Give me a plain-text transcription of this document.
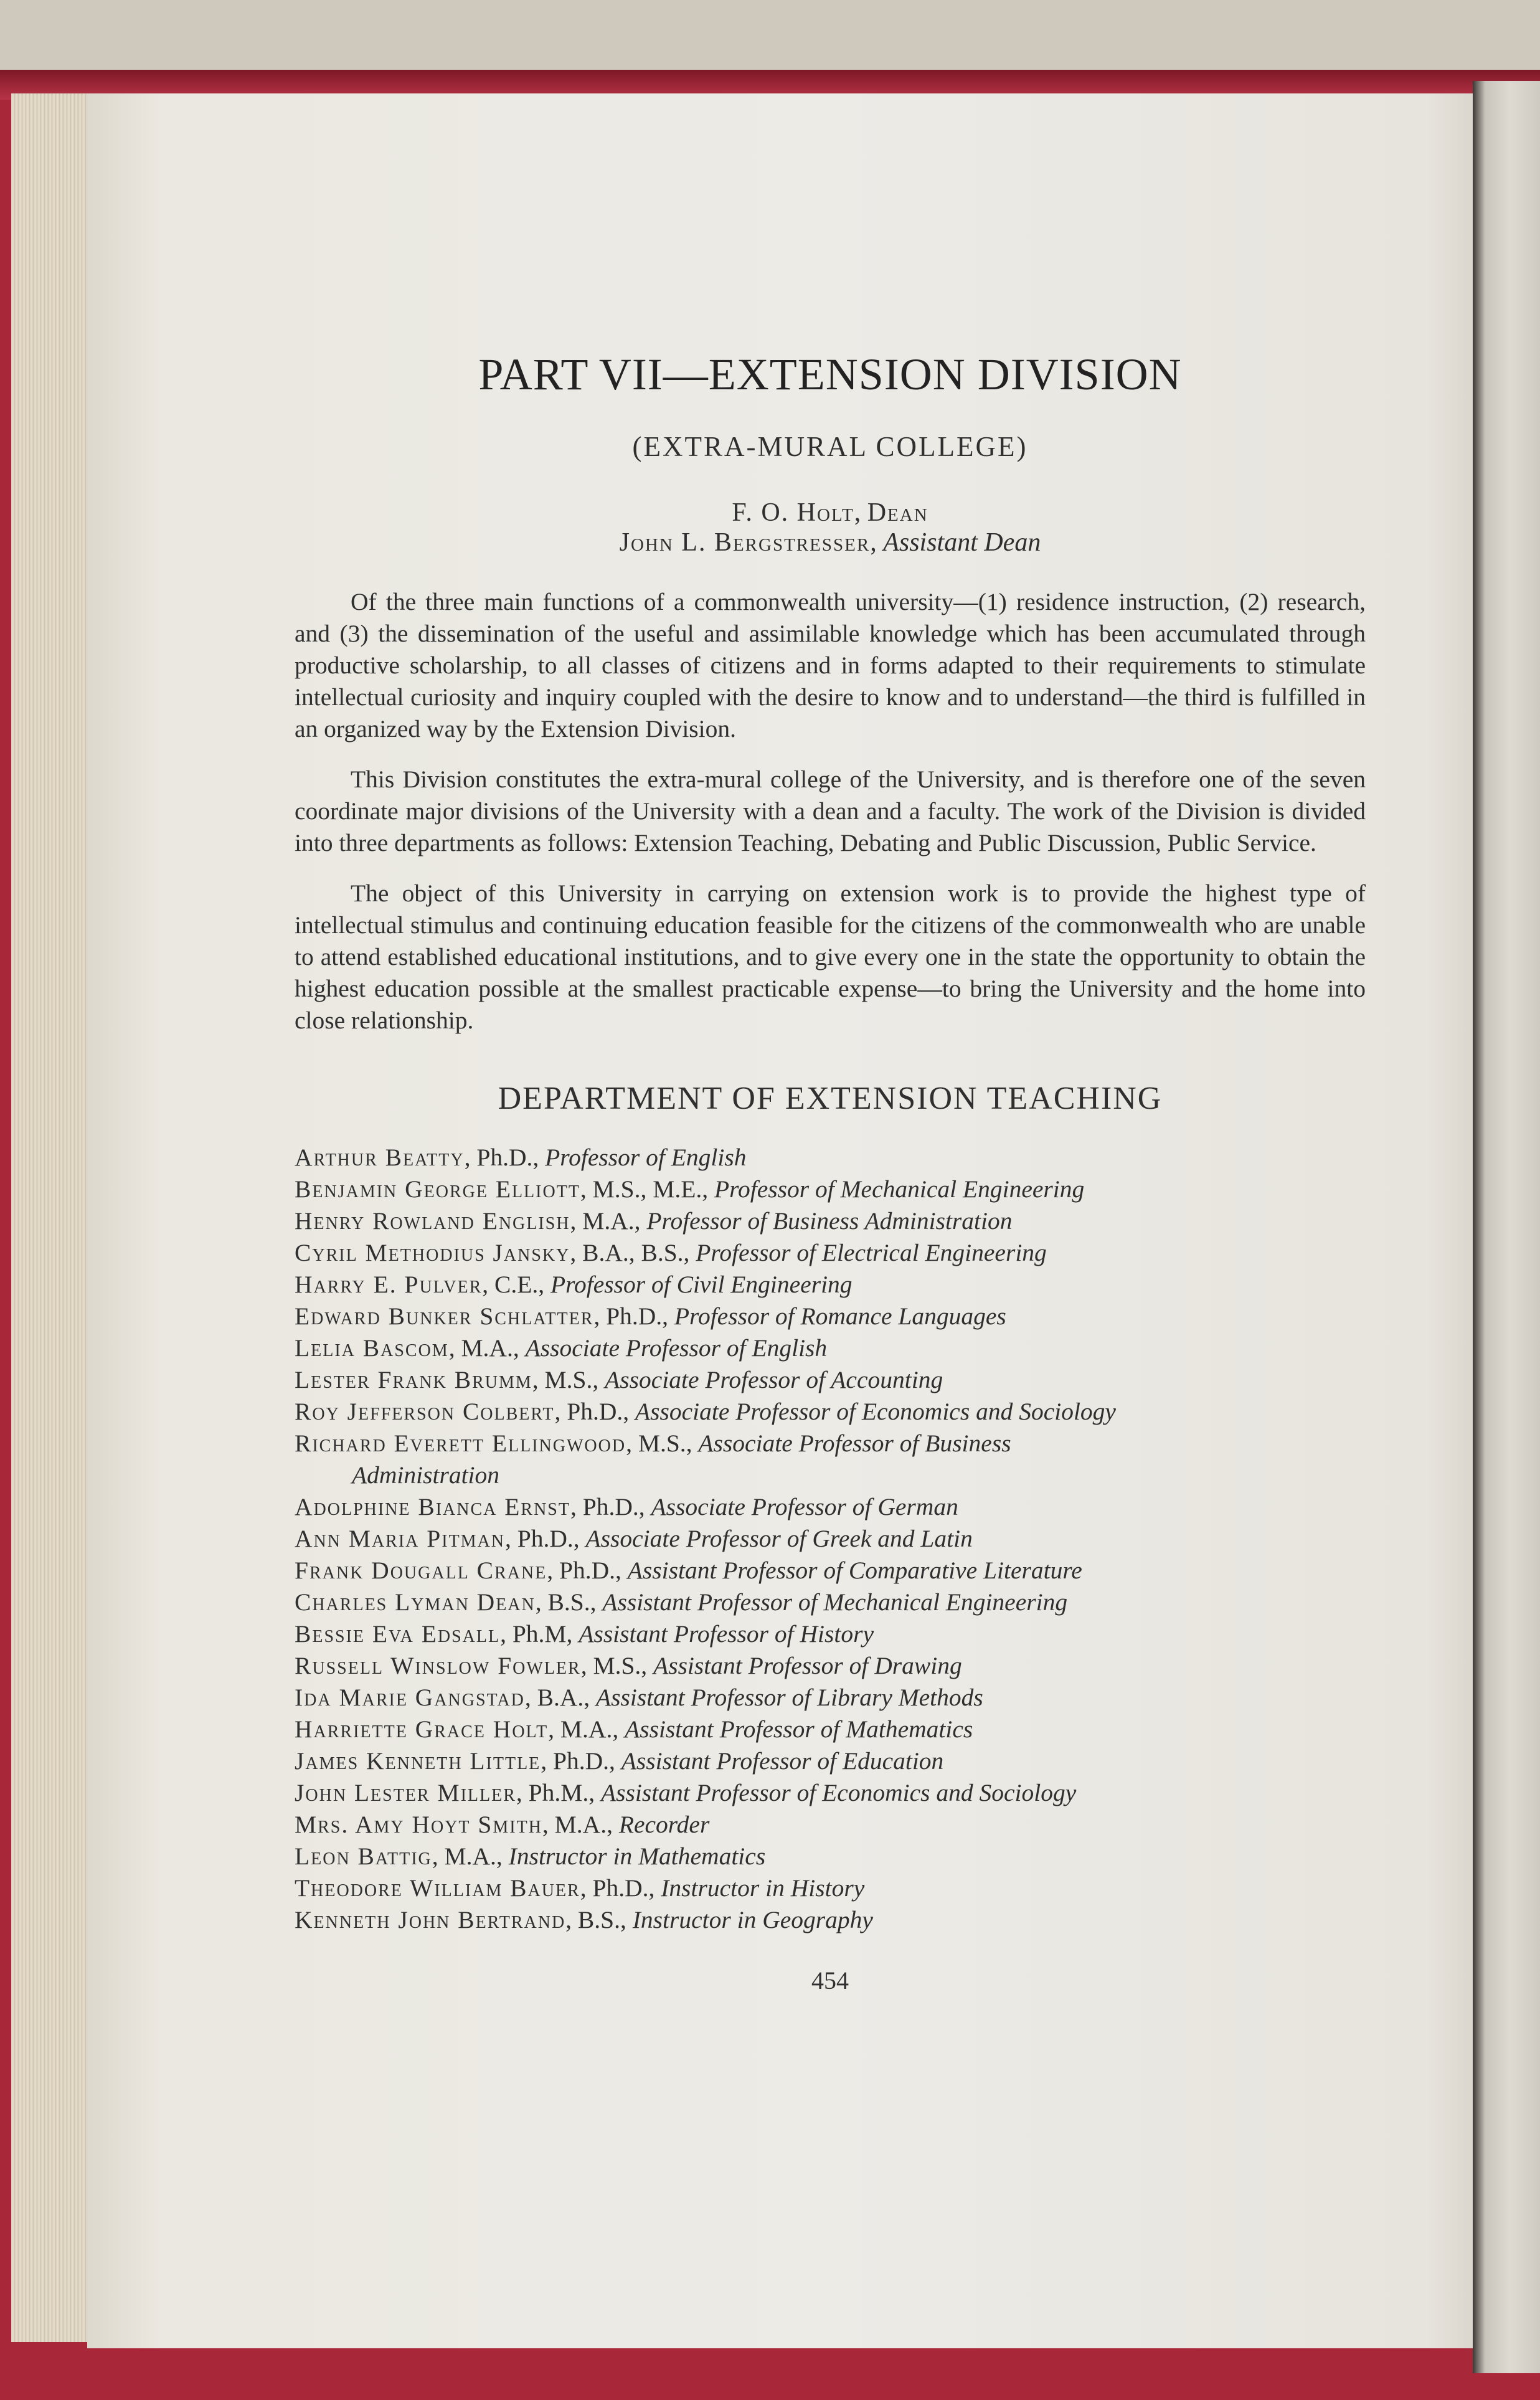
PART VII—EXTENSION DIVISION

(EXTRA-MURAL COLLEGE)

F. O. Holt, Dean

John L. Bergstresser, Assistant Dean

Of the three main functions of a commonwealth university—(1) residence instruction, (2) research, and (3) the dissemination of the useful and assimilable knowledge which has been accumulated through productive scholarship, to all classes of citizens and in forms adapted to their requirements to stimulate intellectual curiosity and inquiry coupled with the desire to know and to understand—the third is fulfilled in an organized way by the Extension Division.

This Division constitutes the extra-mural college of the University, and is therefore one of the seven coordinate major divisions of the University with a dean and a faculty. The work of the Division is divided into three departments as follows: Extension Teaching, Debating and Public Discussion, Public Service.

The object of this University in carrying on extension work is to provide the highest type of intellectual stimulus and continuing education feasible for the citizens of the commonwealth who are unable to attend established educational institutions, and to give every one in the state the opportunity to obtain the highest education possible at the smallest practicable expense—to bring the University and the home into close relationship.

DEPARTMENT OF EXTENSION TEACHING
Arthur Beatty, Ph.D., Professor of English
Benjamin George Elliott, M.S., M.E., Professor of Mechanical Engineering
Henry Rowland English, M.A., Professor of Business Administration
Cyril Methodius Jansky, B.A., B.S., Professor of Electrical Engineering
Harry E. Pulver, C.E., Professor of Civil Engineering
Edward Bunker Schlatter, Ph.D., Professor of Romance Languages
Lelia Bascom, M.A., Associate Professor of English
Lester Frank Brumm, M.S., Associate Professor of Accounting
Roy Jefferson Colbert, Ph.D., Associate Professor of Economics and Sociology
Richard Everett Ellingwood, M.S., Associate Professor of Business
Administration
Adolphine Bianca Ernst, Ph.D., Associate Professor of German
Ann Maria Pitman, Ph.D., Associate Professor of Greek and Latin
Frank Dougall Crane, Ph.D., Assistant Professor of Comparative Literature
Charles Lyman Dean, B.S., Assistant Professor of Mechanical Engineering
Bessie Eva Edsall, Ph.M, Assistant Professor of History
Russell Winslow Fowler, M.S., Assistant Professor of Drawing
Ida Marie Gangstad, B.A., Assistant Professor of Library Methods
Harriette Grace Holt, M.A., Assistant Professor of Mathematics
James Kenneth Little, Ph.D., Assistant Professor of Education
John Lester Miller, Ph.M., Assistant Professor of Economics and Sociology
Mrs. Amy Hoyt Smith, M.A., Recorder
Leon Battig, M.A., Instructor in Mathematics
Theodore William Bauer, Ph.D., Instructor in History
Kenneth John Bertrand, B.S., Instructor in Geography
454
